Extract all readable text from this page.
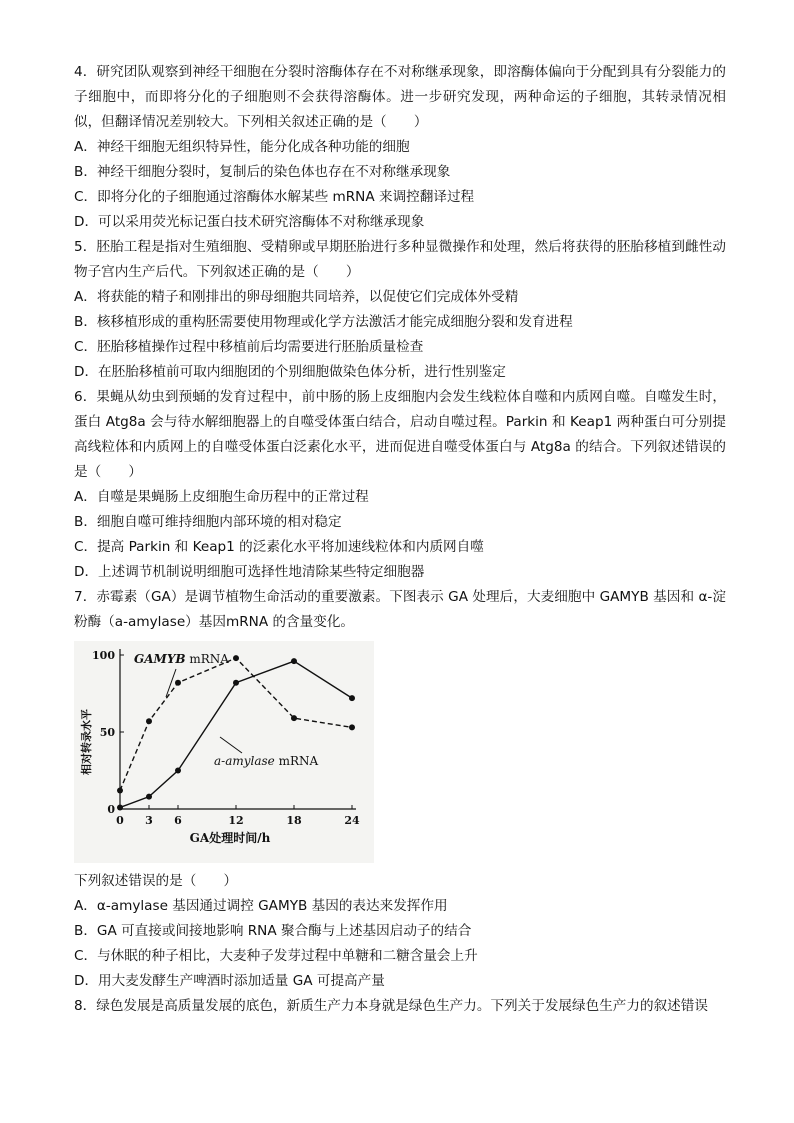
4．研究团队观察到神经干细胞在分裂时溶酶体存在不对称继承现象，即溶酶体偏向于分配到具有分裂能力的子细胞中，而即将分化的子细胞则不会获得溶酶体。进一步研究发现，两种命运的子细胞，其转录情况相似，但翻译情况差别较大。下列相关叙述正确的是（　　）

A．神经干细胞无组织特异性，能分化成各种功能的细胞

B．神经干细胞分裂时，复制后的染色体也存在不对称继承现象

C．即将分化的子细胞通过溶酶体水解某些 mRNA 来调控翻译过程

D．可以采用荧光标记蛋白技术研究溶酶体不对称继承现象

5．胚胎工程是指对生殖细胞、受精卵或早期胚胎进行多种显微操作和处理，然后将获得的胚胎移植到雌性动物子宫内生产后代。下列叙述正确的是（　　）

A．将获能的精子和刚排出的卵母细胞共同培养，以促使它们完成体外受精

B．核移植形成的重构胚需要使用物理或化学方法激活才能完成细胞分裂和发育进程

C．胚胎移植操作过程中移植前后均需要进行胚胎质量检查

D．在胚胎移植前可取内细胞团的个别细胞做染色体分析，进行性别鉴定

6．果蝇从幼虫到预蛹的发育过程中，前中肠的肠上皮细胞内会发生线粒体自噬和内质网自噬。自噬发生时，蛋白 Atg8a 会与待水解细胞器上的自噬受体蛋白结合，启动自噬过程。Parkin 和 Keap1 两种蛋白可分别提高线粒体和内质网上的自噬受体蛋白泛素化水平，进而促进自噬受体蛋白与 Atg8a 的结合。下列叙述错误的是（　　）

A．自噬是果蝇肠上皮细胞生命历程中的正常过程

B．细胞自噬可维持细胞内部环境的相对稳定

C．提高 Parkin 和 Keap1 的泛素化水平将加速线粒体和内质网自噬

D．上述调节机制说明细胞可选择性地清除某些特定细胞器

7．赤霉素（GA）是调节植物生命活动的重要激素。下图表示 GA 处理后，大麦细胞中 GAMYB 基因和 α-淀粉酶（a-amylase）基因mRNA 的含量变化。

0 3 6	12	18	24
0
50
100
GA处理时间/h
相对转录水平
GAMYB mRNA
a-amylase mRNA

下列叙述错误的是（　　）

A．α-amylase 基因通过调控 GAMYB 基因的表达来发挥作用

B．GA 可直接或间接地影响 RNA 聚合酶与上述基因启动子的结合

C．与休眠的种子相比，大麦种子发芽过程中单糖和二糖含量会上升

D．用大麦发酵生产啤酒时添加适量 GA 可提高产量

8．绿色发展是高质量发展的底色，新质生产力本身就是绿色生产力。下列关于发展绿色生产力的叙述错误
